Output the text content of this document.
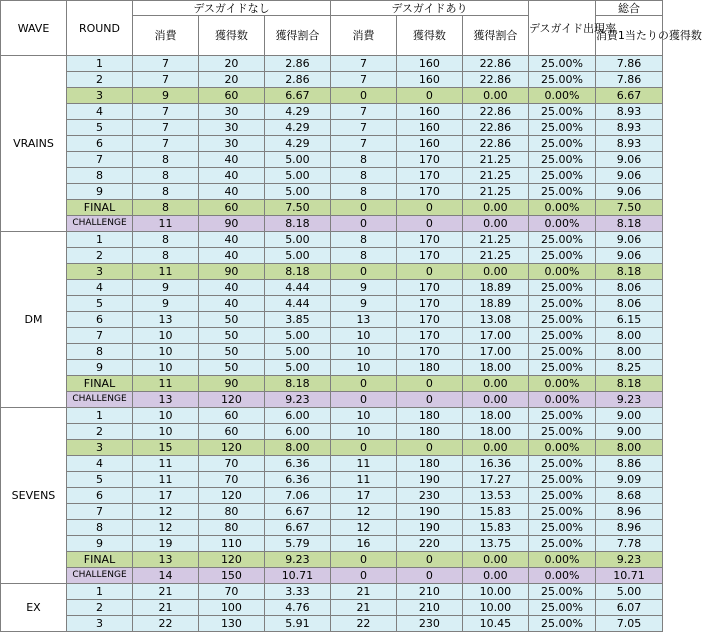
WAVE	ROUND	デスガイドなし			デスガイドあり			デスガイド出現率	総合
		消費	獲得数	獲得割合	消費	獲得数	獲得割合		消費1当たりの獲得数
VRAINS	1	7	20	2.86	7	160	22.86	25.00%	7.86
	2	7	20	2.86	7	160	22.86	25.00%	7.86
	3	9	60	6.67	0	0	0.00	0.00%	6.67
	4	7	30	4.29	7	160	22.86	25.00%	8.93
	5	7	30	4.29	7	160	22.86	25.00%	8.93
	6	7	30	4.29	7	160	22.86	25.00%	8.93
	7	8	40	5.00	8	170	21.25	25.00%	9.06
	8	8	40	5.00	8	170	21.25	25.00%	9.06
	9	8	40	5.00	8	170	21.25	25.00%	9.06
	FINAL	8	60	7.50	0	0	0.00	0.00%	7.50
	CHALLENGE	11	90	8.18	0	0	0.00	0.00%	8.18
DM	1	8	40	5.00	8	170	21.25	25.00%	9.06
	2	8	40	5.00	8	170	21.25	25.00%	9.06
	3	11	90	8.18	0	0	0.00	0.00%	8.18
	4	9	40	4.44	9	170	18.89	25.00%	8.06
	5	9	40	4.44	9	170	18.89	25.00%	8.06
	6	13	50	3.85	13	170	13.08	25.00%	6.15
	7	10	50	5.00	10	170	17.00	25.00%	8.00
	8	10	50	5.00	10	170	17.00	25.00%	8.00
	9	10	50	5.00	10	180	18.00	25.00%	8.25
	FINAL	11	90	8.18	0	0	0.00	0.00%	8.18
	CHALLENGE	13	120	9.23	0	0	0.00	0.00%	9.23
SEVENS	1	10	60	6.00	10	180	18.00	25.00%	9.00
	2	10	60	6.00	10	180	18.00	25.00%	9.00
	3	15	120	8.00	0	0	0.00	0.00%	8.00
	4	11	70	6.36	11	180	16.36	25.00%	8.86
	5	11	70	6.36	11	190	17.27	25.00%	9.09
	6	17	120	7.06	17	230	13.53	25.00%	8.68
	7	12	80	6.67	12	190	15.83	25.00%	8.96
	8	12	80	6.67	12	190	15.83	25.00%	8.96
	9	19	110	5.79	16	220	13.75	25.00%	7.78
	FINAL	13	120	9.23	0	0	0.00	0.00%	9.23
	CHALLENGE	14	150	10.71	0	0	0.00	0.00%	10.71
EX	1	21	70	3.33	21	210	10.00	25.00%	5.00
	2	21	100	4.76	21	210	10.00	25.00%	6.07
	3	22	130	5.91	22	230	10.45	25.00%	7.05
